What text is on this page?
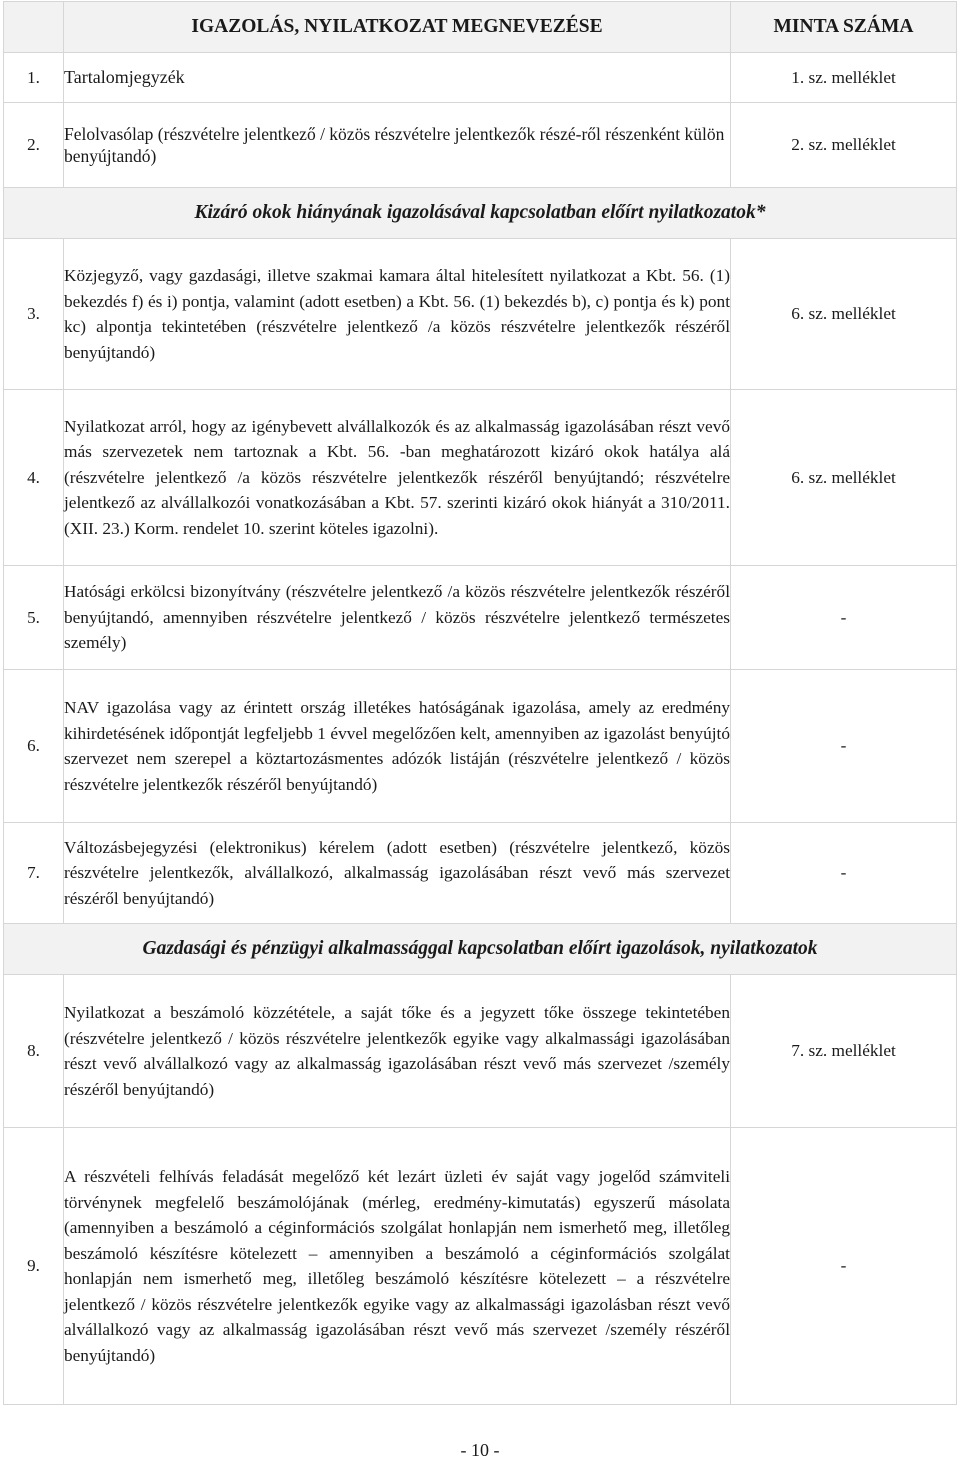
	IGAZOLÁS, NYILATKOZAT MEGNEVEZÉSE	MINTA SZÁMA
1.	Tartalomjegyzék	1. sz. melléklet
2.	Felolvasólap (részvételre jelentkező / közös részvételre jelentkezők részé-ről részenként külön benyújtandó)	2. sz. melléklet
Kizáró okok hiányának igazolásával kapcsolatban előírt nyilatkozatok*		
3.	Közjegyző, vagy gazdasági, illetve szakmai kamara által hitelesített nyilatkozat a Kbt. 56. (1) bekezdés f) és i) pontja, valamint (adott esetben) a Kbt. 56. (1) bekezdés b), c) pontja és k) pont kc) alpontja tekintetében (részvételre jelentkező /a közös részvételre jelentkezők részéről benyújtandó)	6. sz. melléklet
4.	Nyilatkozat arról, hogy az igénybevett alvállalkozók és az alkalmasság igazolásában részt vevő más szervezetek nem tartoznak a Kbt. 56. -ban meghatározott kizáró okok hatálya alá (részvételre jelentkező /a közös részvételre jelentkezők részéről benyújtandó; részvételre jelentkező az alvállalkozói vonatkozásában a Kbt. 57. szerinti kizáró okok hiányát a 310/2011. (XII. 23.) Korm. rendelet 10. szerint köteles igazolni).	6. sz. melléklet
5.	Hatósági erkölcsi bizonyítvány (részvételre jelentkező /a közös részvételre jelentkezők részéről benyújtandó, amennyiben részvételre jelentkező / közös részvételre jelentkező természetes személy)	-
6.	NAV igazolása vagy az érintett ország illetékes hatóságának igazolása, amely az eredmény kihirdetésének időpontját legfeljebb 1 évvel megelőzően kelt, amennyiben az igazolást benyújtó szervezet nem szerepel a köztartozásmentes adózók listáján (részvételre jelentkező / közös részvételre jelentkezők részéről benyújtandó)	-
7.	Változásbejegyzési (elektronikus) kérelem (adott esetben) (részvételre jelentkező, közös részvételre jelentkezők, alvállalkozó, alkalmasság igazolásában részt vevő más szervezet részéről benyújtandó)	-
Gazdasági és pénzügyi alkalmassággal kapcsolatban előírt igazolások, nyilatkozatok		
8.	Nyilatkozat a beszámoló közzététele, a saját tőke és a jegyzett tőke összege tekintetében (részvételre jelentkező / közös részvételre jelentkezők egyike vagy alkalmassági igazolásában részt vevő alvállalkozó vagy az alkalmasság igazolásában részt vevő más szervezet /személy részéről benyújtandó)	7. sz. melléklet
9.	A részvételi felhívás feladását megelőző két lezárt üzleti év saját vagy jogelőd számviteli törvénynek megfelelő beszámolójának (mérleg, eredmény-kimutatás) egyszerű másolata (amennyiben a beszámoló a céginformációs szolgálat honlapján nem ismerhető meg, illetőleg beszámoló készítésre kötelezett – amennyiben a beszámoló a céginformációs szolgálat honlapján nem ismerhető meg, illetőleg beszámoló készítésre kötelezett – a részvételre jelentkező / közös részvételre jelentkezők egyike vagy az alkalmassági igazolásban részt vevő alvállalkozó vagy az alkalmasság igazolásában részt vevő más szervezet /személy részéről benyújtandó)	-
- 10 -
